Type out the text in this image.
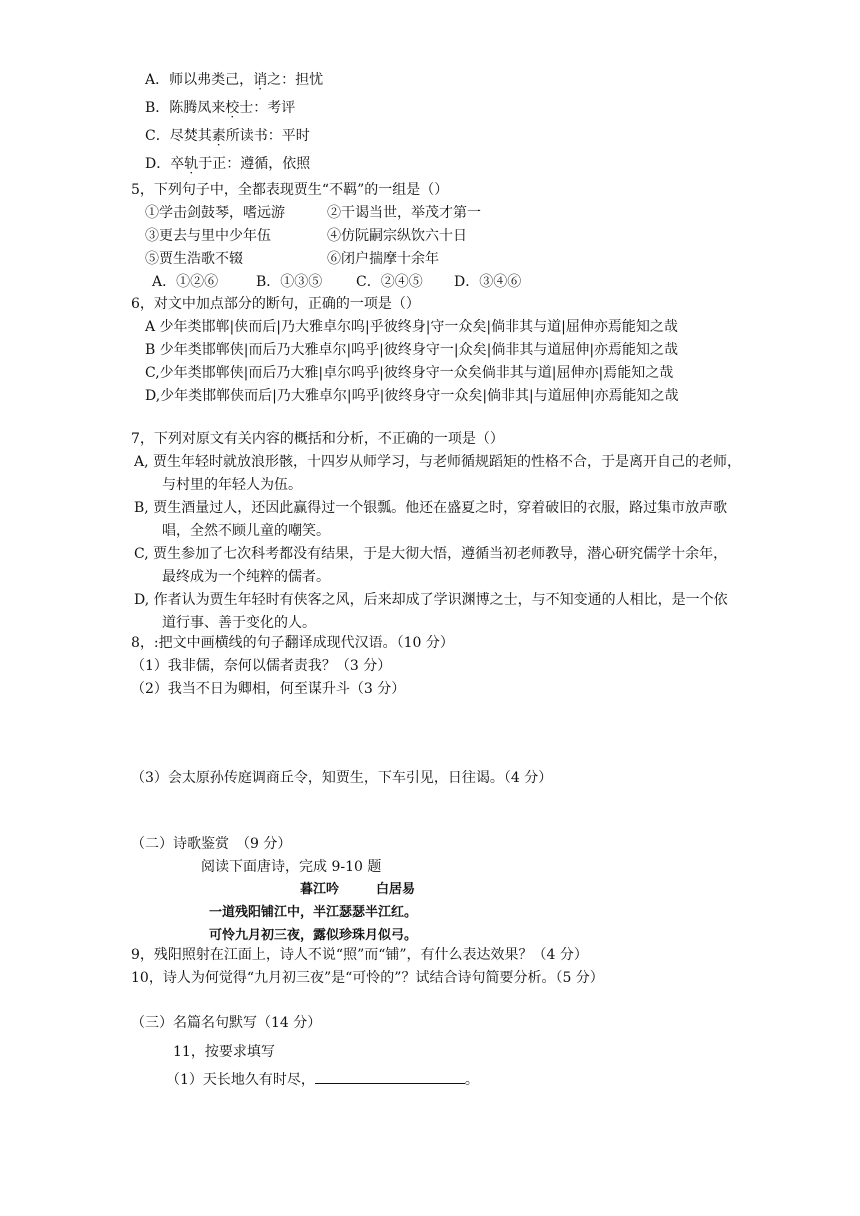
A．师以弗类己，诮之：担忧
B．陈腾凤来校士：考评
C．尽焚其素所读书：平时
D．卒轨于正：遵循，依照
5，下列句子中，全都表现贾生“不羁”的一组是（）
①学击剑鼓琴，嗜远游	②干谒当世，举茂才第一
③更去与里中少年伍	④仿阮嗣宗纵饮六十日
⑤贾生浩歌不辍	⑥闭户揣摩十余年
A．①②⑥	B．①③⑤ C．②④⑤ D．③④⑥
6，对文中加点部分的断句，正确的一项是（）
A 少年类邯郸|侠而后|乃大雅卓尔呜|乎彼终身|守一众矣|倘非其与道|屈伸亦焉能知之哉
B 少年类邯郸侠|而后乃大雅卓尔|呜乎|彼终身守一|众矣|倘非其与道屈伸|亦焉能知之哉
C,少年类邯郸侠|而后乃大雅|卓尔呜乎|彼终身守一众矣倘非其与道|屈伸亦|焉能知之哉
D,少年类邯郸侠而后|乃大雅卓尔|呜乎|彼终身守一众矣|倘非其|与道屈伸|亦焉能知之哉
7，下列对原文有关内容的概括和分析，不正确的一项是（）
A, 贾生年轻时就放浪形骸，十四岁从师学习，与老师循规蹈矩的性格不合，于是离开自己的老师，
与村里的年轻人为伍。
B, 贾生酒量过人，还因此赢得过一个银瓢。他还在盛夏之时，穿着破旧的衣服，路过集市放声歌
唱，全然不顾儿童的嘲笑。
C, 贾生参加了七次科考都没有结果，于是大彻大悟，遵循当初老师教导，潜心研究儒学十余年，
最终成为一个纯粹的儒者。
D, 作者认为贾生年轻时有侠客之风，后来却成了学识渊博之士，与不知变通的人相比，是一个依
道行事、善于变化的人。
8，:把文中画横线的句子翻译成现代汉语。（10 分）
（1）我非儒，奈何以儒者责我？（3 分）
（2）我当不日为卿相，何至谋升斗（3 分）
（3）会太原孙传庭调商丘令，知贾生，下车引见，日往谒。（4 分）
（二）诗歌鉴赏　（9 分）
阅读下面唐诗，完成 9-10 题
暮江吟	白居易
一道残阳铺江中，半江瑟瑟半江红。
可怜九月初三夜，露似珍珠月似弓。
9，残阳照射在江面上，诗人不说“照”而“铺”，有什么表达效果？（4 分）
10，诗人为何觉得“九月初三夜”是“可怜的”？试结合诗句简要分析。（5 分）
（三）名篇名句默写（14 分）
11，按要求填写
（1）天长地久有时尽，	。
